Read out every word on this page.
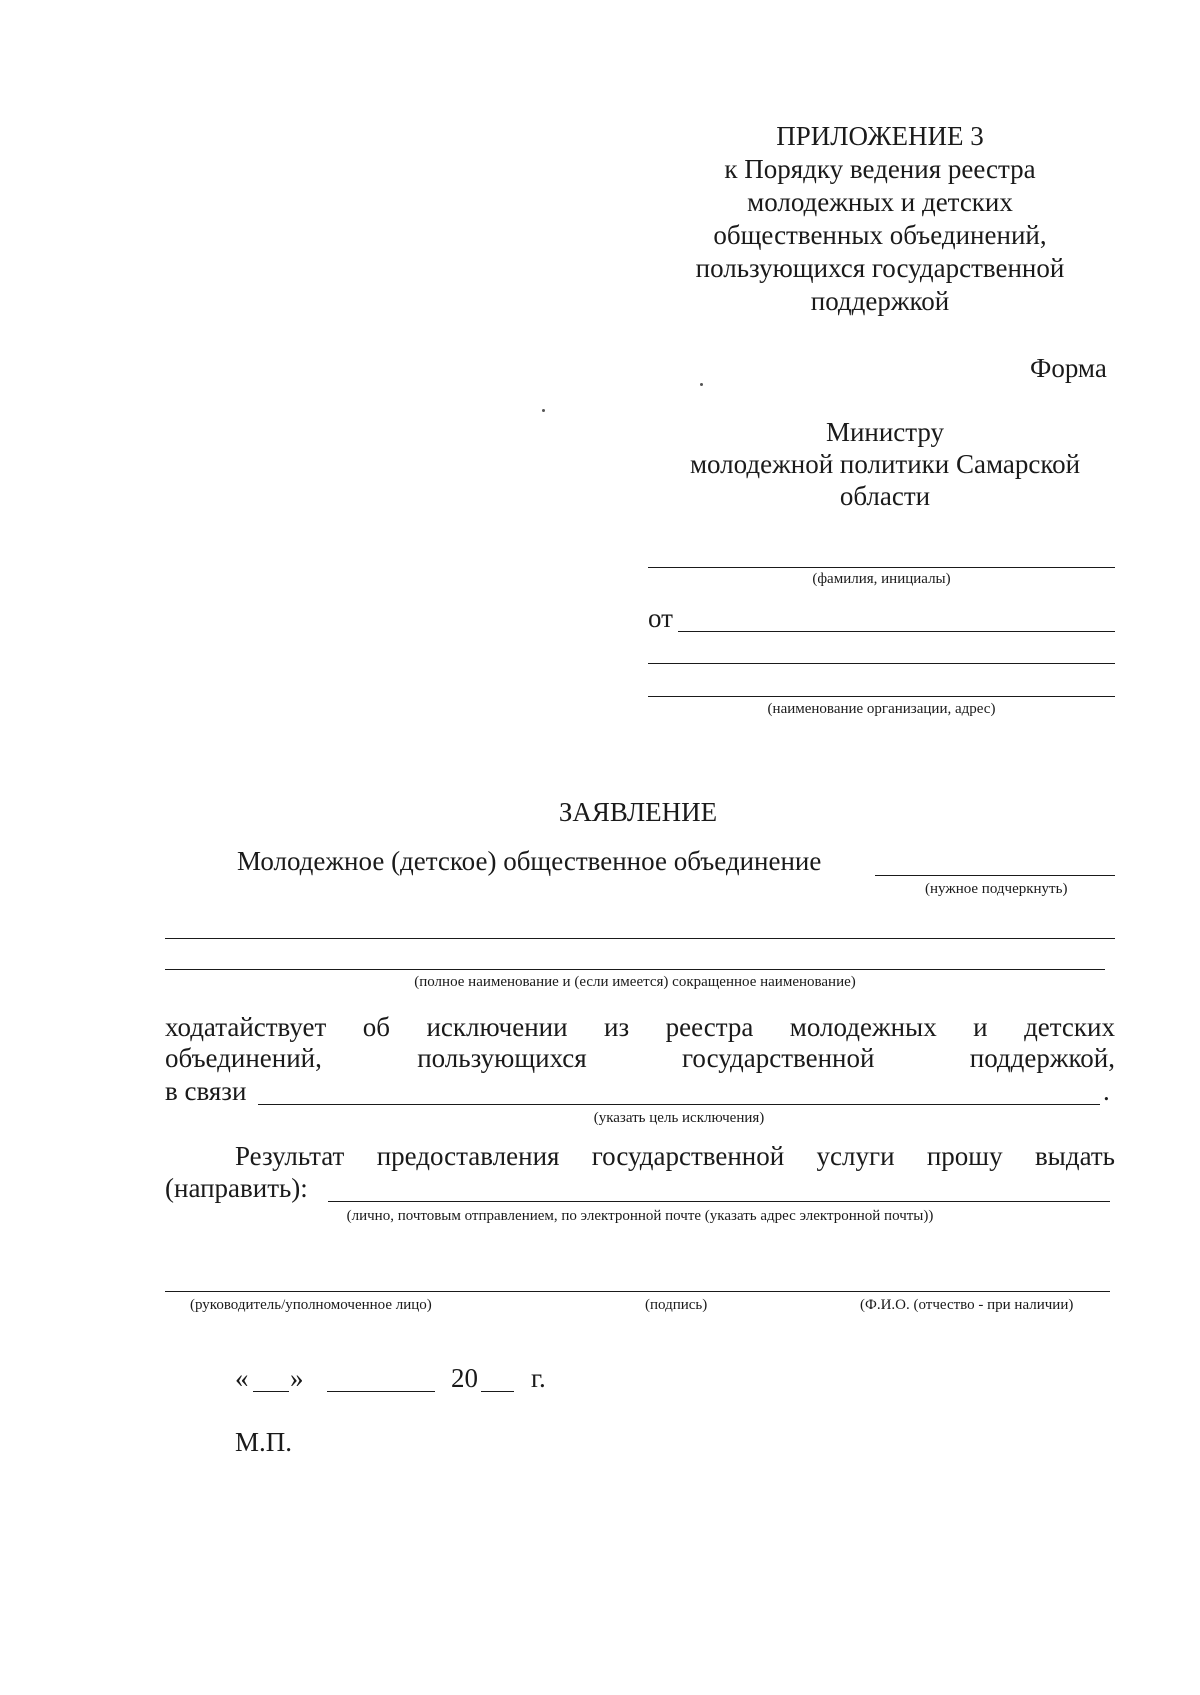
ПРИЛОЖЕНИЕ 3
к Порядку ведения реестра
молодежных и детских
общественных объединений,
пользующихся государственной
поддержкой
Форма
Министру
молодежной политики Самарской
области
(фамилия, инициалы)
от
(наименование организации, адрес)
ЗАЯВЛЕНИЕ
Молодежное (детское) общественное объединение
(нужное подчеркнуть)
(полное наименование и (если имеется) сокращенное наименование)
ходатайствует об исключении из реестра молодежных и детских
объединений,	пользующихся	государственной	поддержкой,
в связи	.
(указать цель исключения)
Результат предоставления государственной услуги прошу выдать
(направить):
(лично, почтовым отправлением, по электронной почте (указать адрес электронной почты))
(руководитель/уполномоченное лицо)	(подпись)	(Ф.И.О. (отчество - при наличии)
« »	20 г.
М.П.
